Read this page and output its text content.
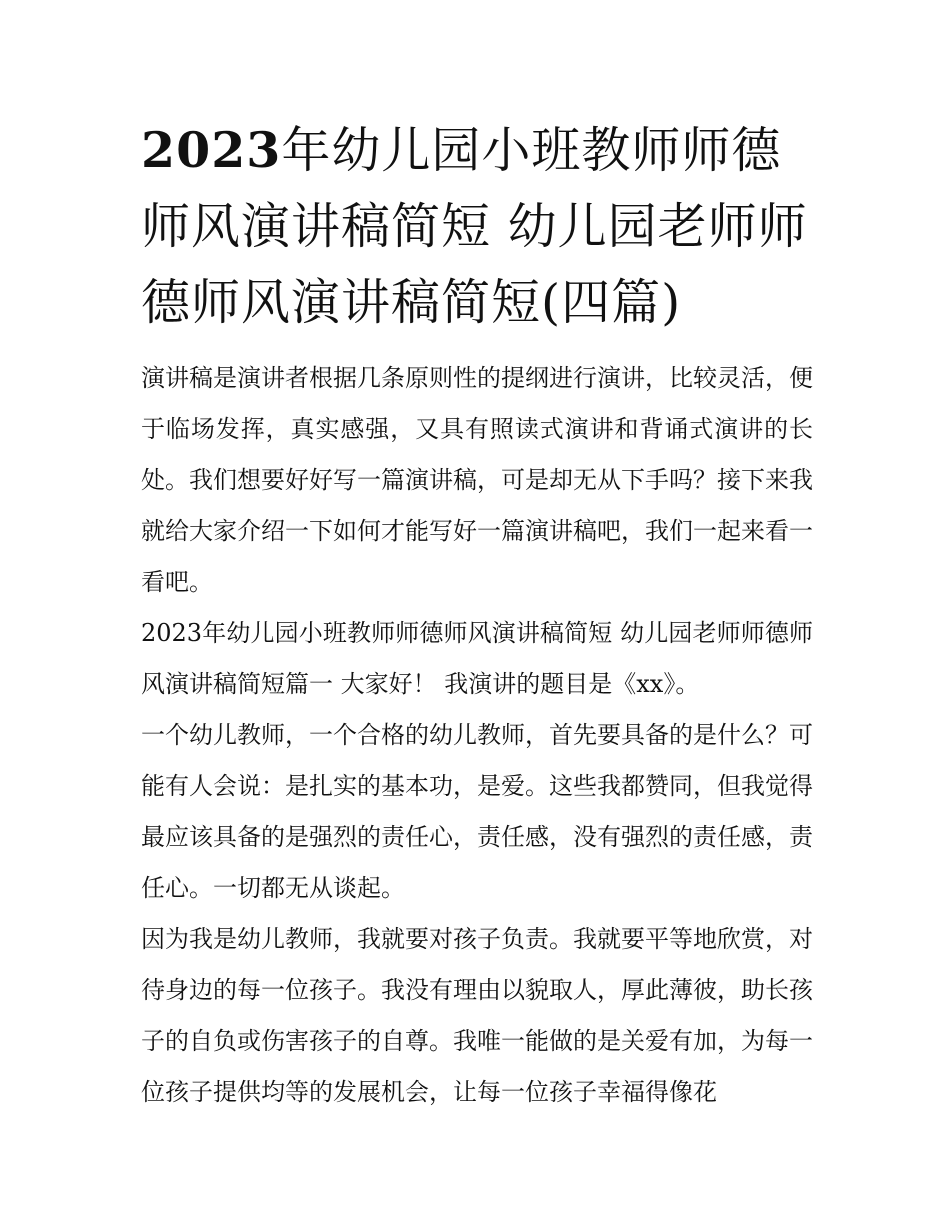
2023年幼儿园小班教师师德师风演讲稿简短 幼儿园老师师德师风演讲稿简短(四篇)

演讲稿是演讲者根据几条原则性的提纲进行演讲，比较灵活，便于临场发挥，真实感强，又具有照读式演讲和背诵式演讲的长处。我们想要好好写一篇演讲稿，可是却无从下手吗？接下来我就给大家介绍一下如何才能写好一篇演讲稿吧，我们一起来看一看吧。

2023年幼儿园小班教师师德师风演讲稿简短 幼儿园老师师德师风演讲稿简短篇一 大家好！ 我演讲的题目是《xx》。

一个幼儿教师，一个合格的幼儿教师，首先要具备的是什么？可能有人会说：是扎实的基本功，是爱。这些我都赞同，但我觉得最应该具备的是强烈的责任心，责任感，没有强烈的责任感，责任心。一切都无从谈起。

因为我是幼儿教师，我就要对孩子负责。我就要平等地欣赏，对待身边的每一位孩子。我没有理由以貌取人，厚此薄彼，助长孩子的自负或伤害孩子的自尊。我唯一能做的是关爱有加，为每一位孩子提供均等的发展机会，让每一位孩子幸福得像花
